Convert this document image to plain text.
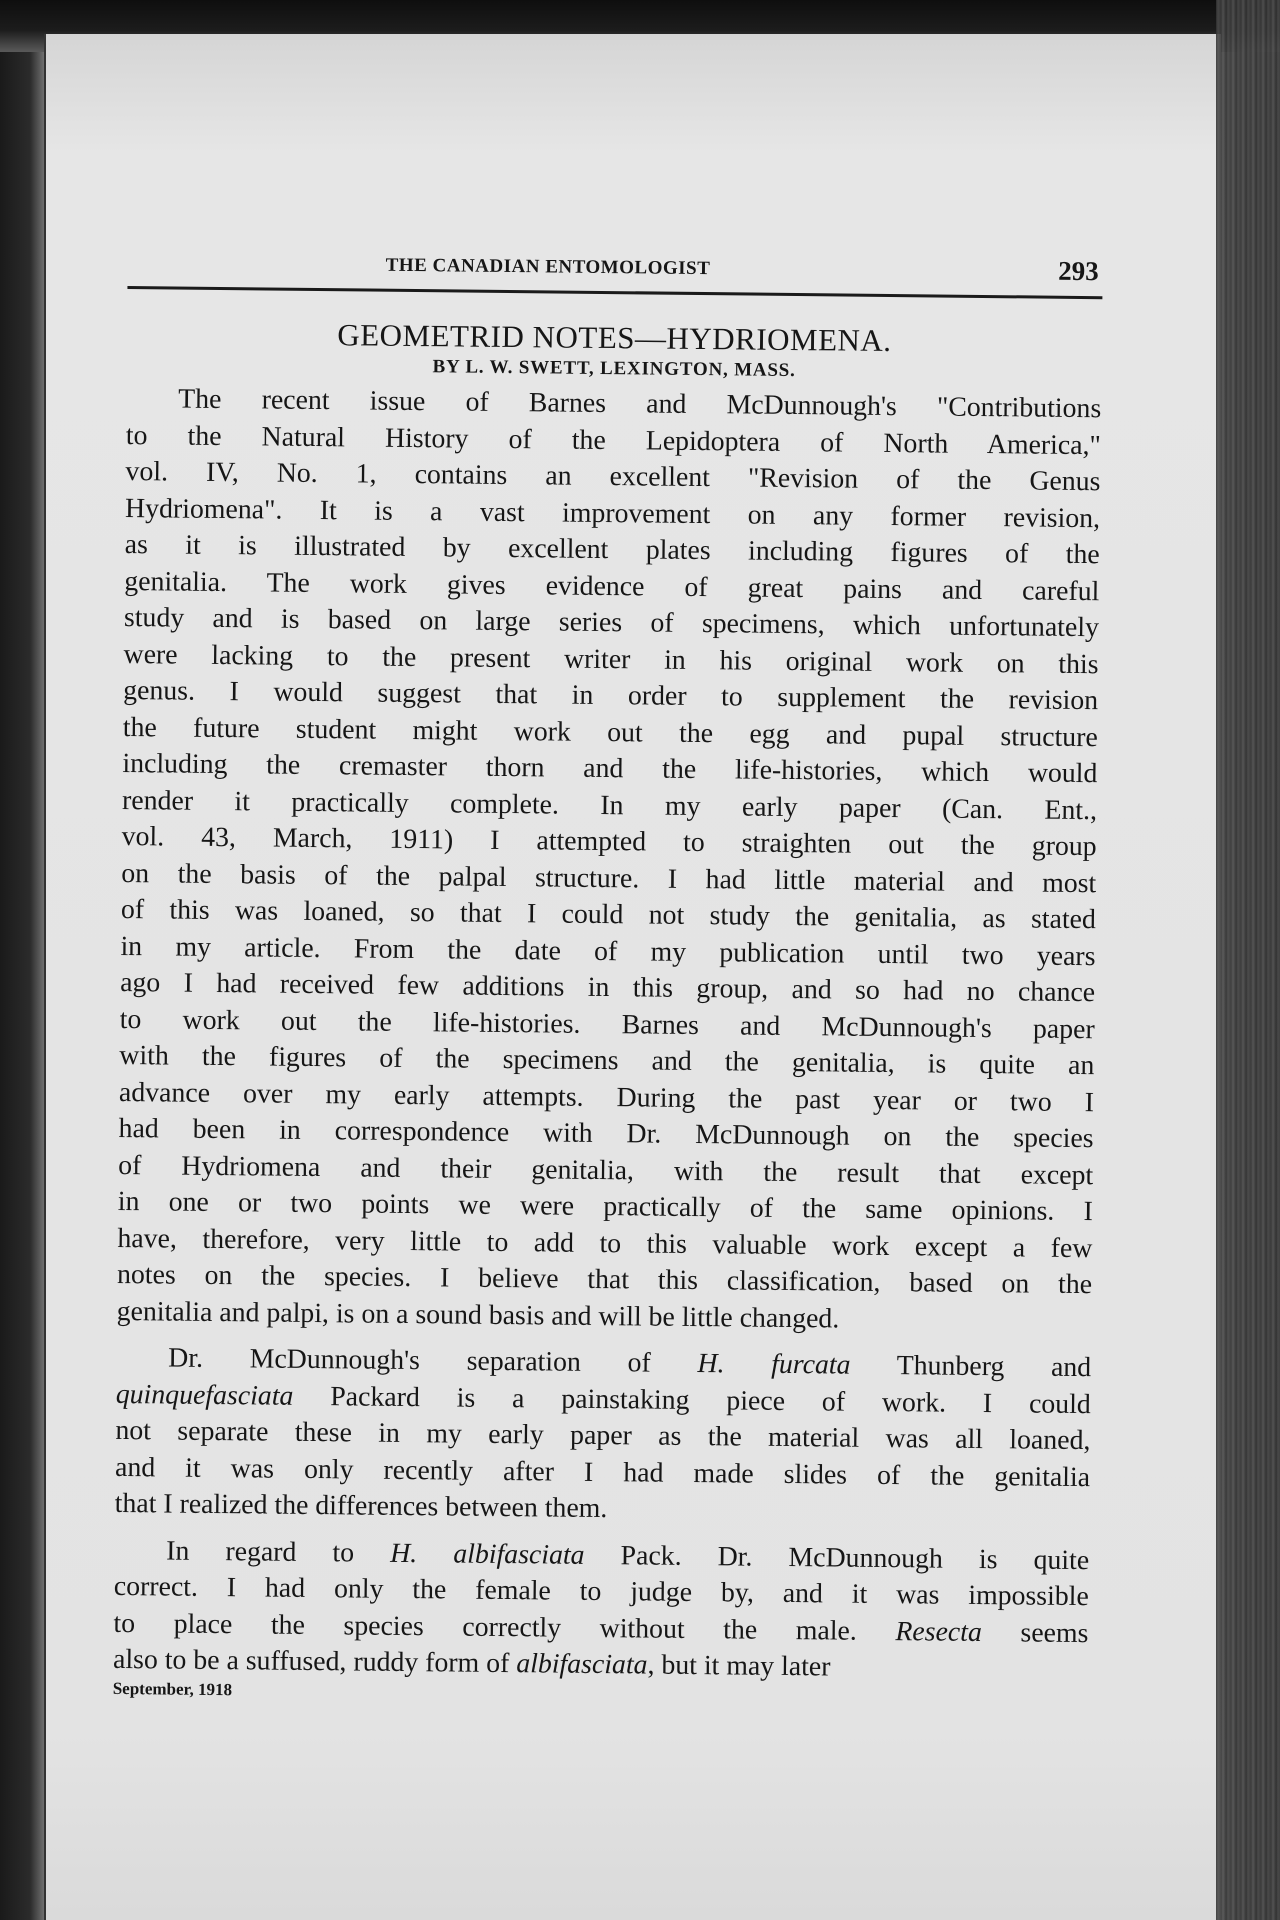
THE CANADIAN ENTOMOLOGIST	293
GEOMETRID NOTES—HYDRIOMENA.
BY L. W. SWETT, LEXINGTON, MASS.
The recent issue of Barnes and McDunnough's "Contributions
to the Natural History of the Lepidoptera of North America,"
vol. IV, No. 1, contains an excellent "Revision of the Genus
Hydriomena". It is a vast improvement on any former revision,
as it is illustrated by excellent plates including figures of the
genitalia. The work gives evidence of great pains and careful
study and is based on large series of specimens, which unfortunately
were lacking to the present writer in his original work on this
genus. I would suggest that in order to supplement the revision
the future student might work out the egg and pupal structure
including the cremaster thorn and the life-histories, which would
render it practically complete. In my early paper (Can. Ent.,
vol. 43, March, 1911) I attempted to straighten out the group
on the basis of the palpal structure. I had little material and most
of this was loaned, so that I could not study the genitalia, as stated
in my article. From the date of my publication until two years
ago I had received few additions in this group, and so had no chance
to work out the life-histories. Barnes and McDunnough's paper
with the figures of the specimens and the genitalia, is quite an
advance over my early attempts. During the past year or two I
had been in correspondence with Dr. McDunnough on the species
of Hydriomena and their genitalia, with the result that except
in one or two points we were practically of the same opinions. I
have, therefore, very little to add to this valuable work except a few
notes on the species. I believe that this classification, based on the
genitalia and palpi, is on a sound basis and will be little changed.
Dr. McDunnough's separation of H. furcata Thunberg and
quinquefasciata Packard is a painstaking piece of work. I could
not separate these in my early paper as the material was all loaned,
and it was only recently after I had made slides of the genitalia
that I realized the differences between them.
In regard to H. albifasciata Pack. Dr. McDunnough is quite
correct. I had only the female to judge by, and it was impossible
to place the species correctly without the male. Resecta seems
also to be a suffused, ruddy form of albifasciata, but it may later
September, 1918
